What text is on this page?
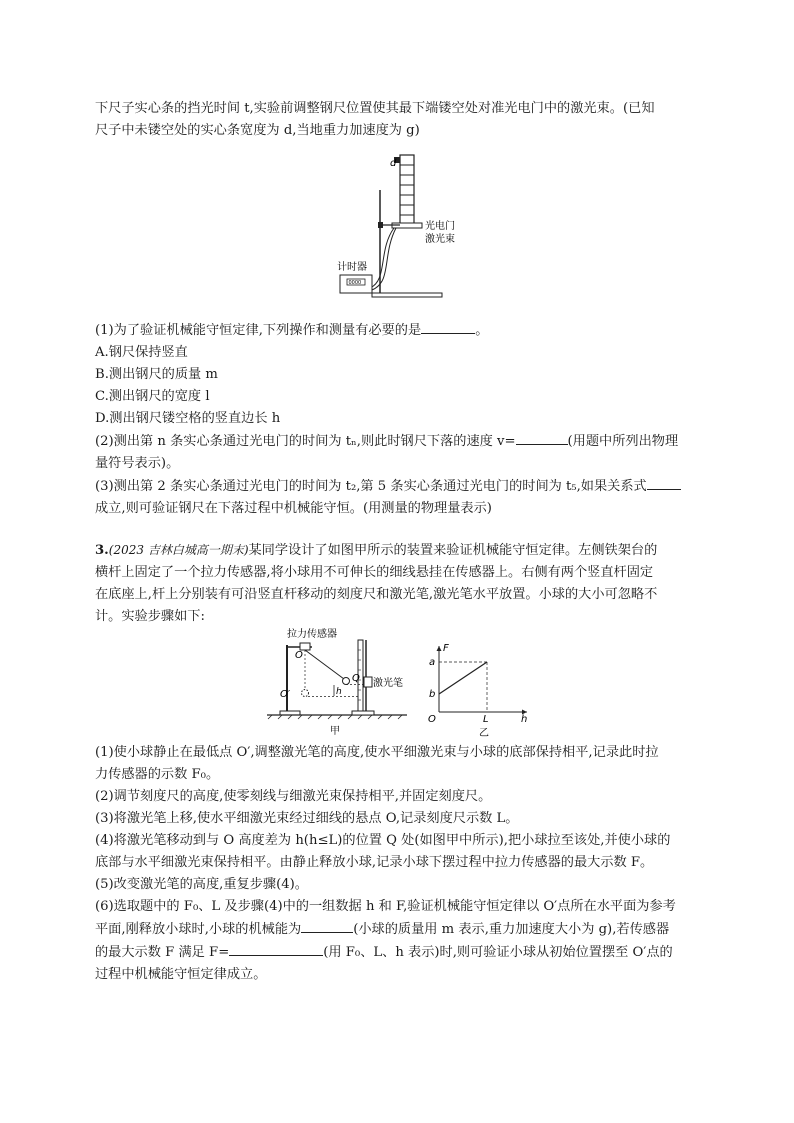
下尺子实心条的挡光时间 t,实验前调整钢尺位置使其最下端镂空处对准光电门中的激光束。(已知
尺子中未镂空处的实心条宽度为 d,当地重力加速度为 g)
d
光电门
激光束
计时器
0000
(1)为了验证机械能守恒定律,下列操作和测量有必要的是	。
A.钢尺保持竖直
B.测出钢尺的质量 m
C.测出钢尺的宽度 l
D.测出钢尺镂空格的竖直边长 h
(2)测出第 n 条实心条通过光电门的时间为 tₙ,则此时钢尺下落的速度 v=	(用题中所列出物理
量符号表示)。
(3)测出第 2 条实心条通过光电门的时间为 t₂,第 5 条实心条通过光电门的时间为 t₅,如果关系式
成立,则可验证钢尺在下落过程中机械能守恒。(用测量的物理量表示)
3.(2023 吉林白城高一期末)某同学设计了如图甲所示的装置来验证机械能守恒定律。左侧铁架台的
横杆上固定了一个拉力传感器,将小球用不可伸长的细线悬挂在传感器上。右侧有两个竖直杆固定
在底座上,杆上分别装有可沿竖直杆移动的刻度尺和激光笔,激光笔水平放置。小球的大小可忽略不
计。实验步骤如下:
拉力传感器
激光笔
O
Q
O′	h
甲
F
a
b
O	L	h
乙
(1)使小球静止在最低点 O′,调整激光笔的高度,使水平细激光束与小球的底部保持相平,记录此时拉
力传感器的示数 F₀。
(2)调节刻度尺的高度,使零刻线与细激光束保持相平,并固定刻度尺。
(3)将激光笔上移,使水平细激光束经过细线的悬点 O,记录刻度尺示数 L。
(4)将激光笔移动到与 O 高度差为 h(h≤L)的位置 Q 处(如图甲中所示),把小球拉至该处,并使小球的
底部与水平细激光束保持相平。由静止释放小球,记录小球下摆过程中拉力传感器的最大示数 F。
(5)改变激光笔的高度,重复步骤(4)。
(6)选取题中的 F₀、L 及步骤(4)中的一组数据 h 和 F,验证机械能守恒定律以 O′点所在水平面为参考
平面,刚释放小球时,小球的机械能为	(小球的质量用 m 表示,重力加速度大小为 g),若传感器
的最大示数 F 满足 F=	(用 F₀、L、h 表示)时,则可验证小球从初始位置摆至 O′点的
过程中机械能守恒定律成立。
